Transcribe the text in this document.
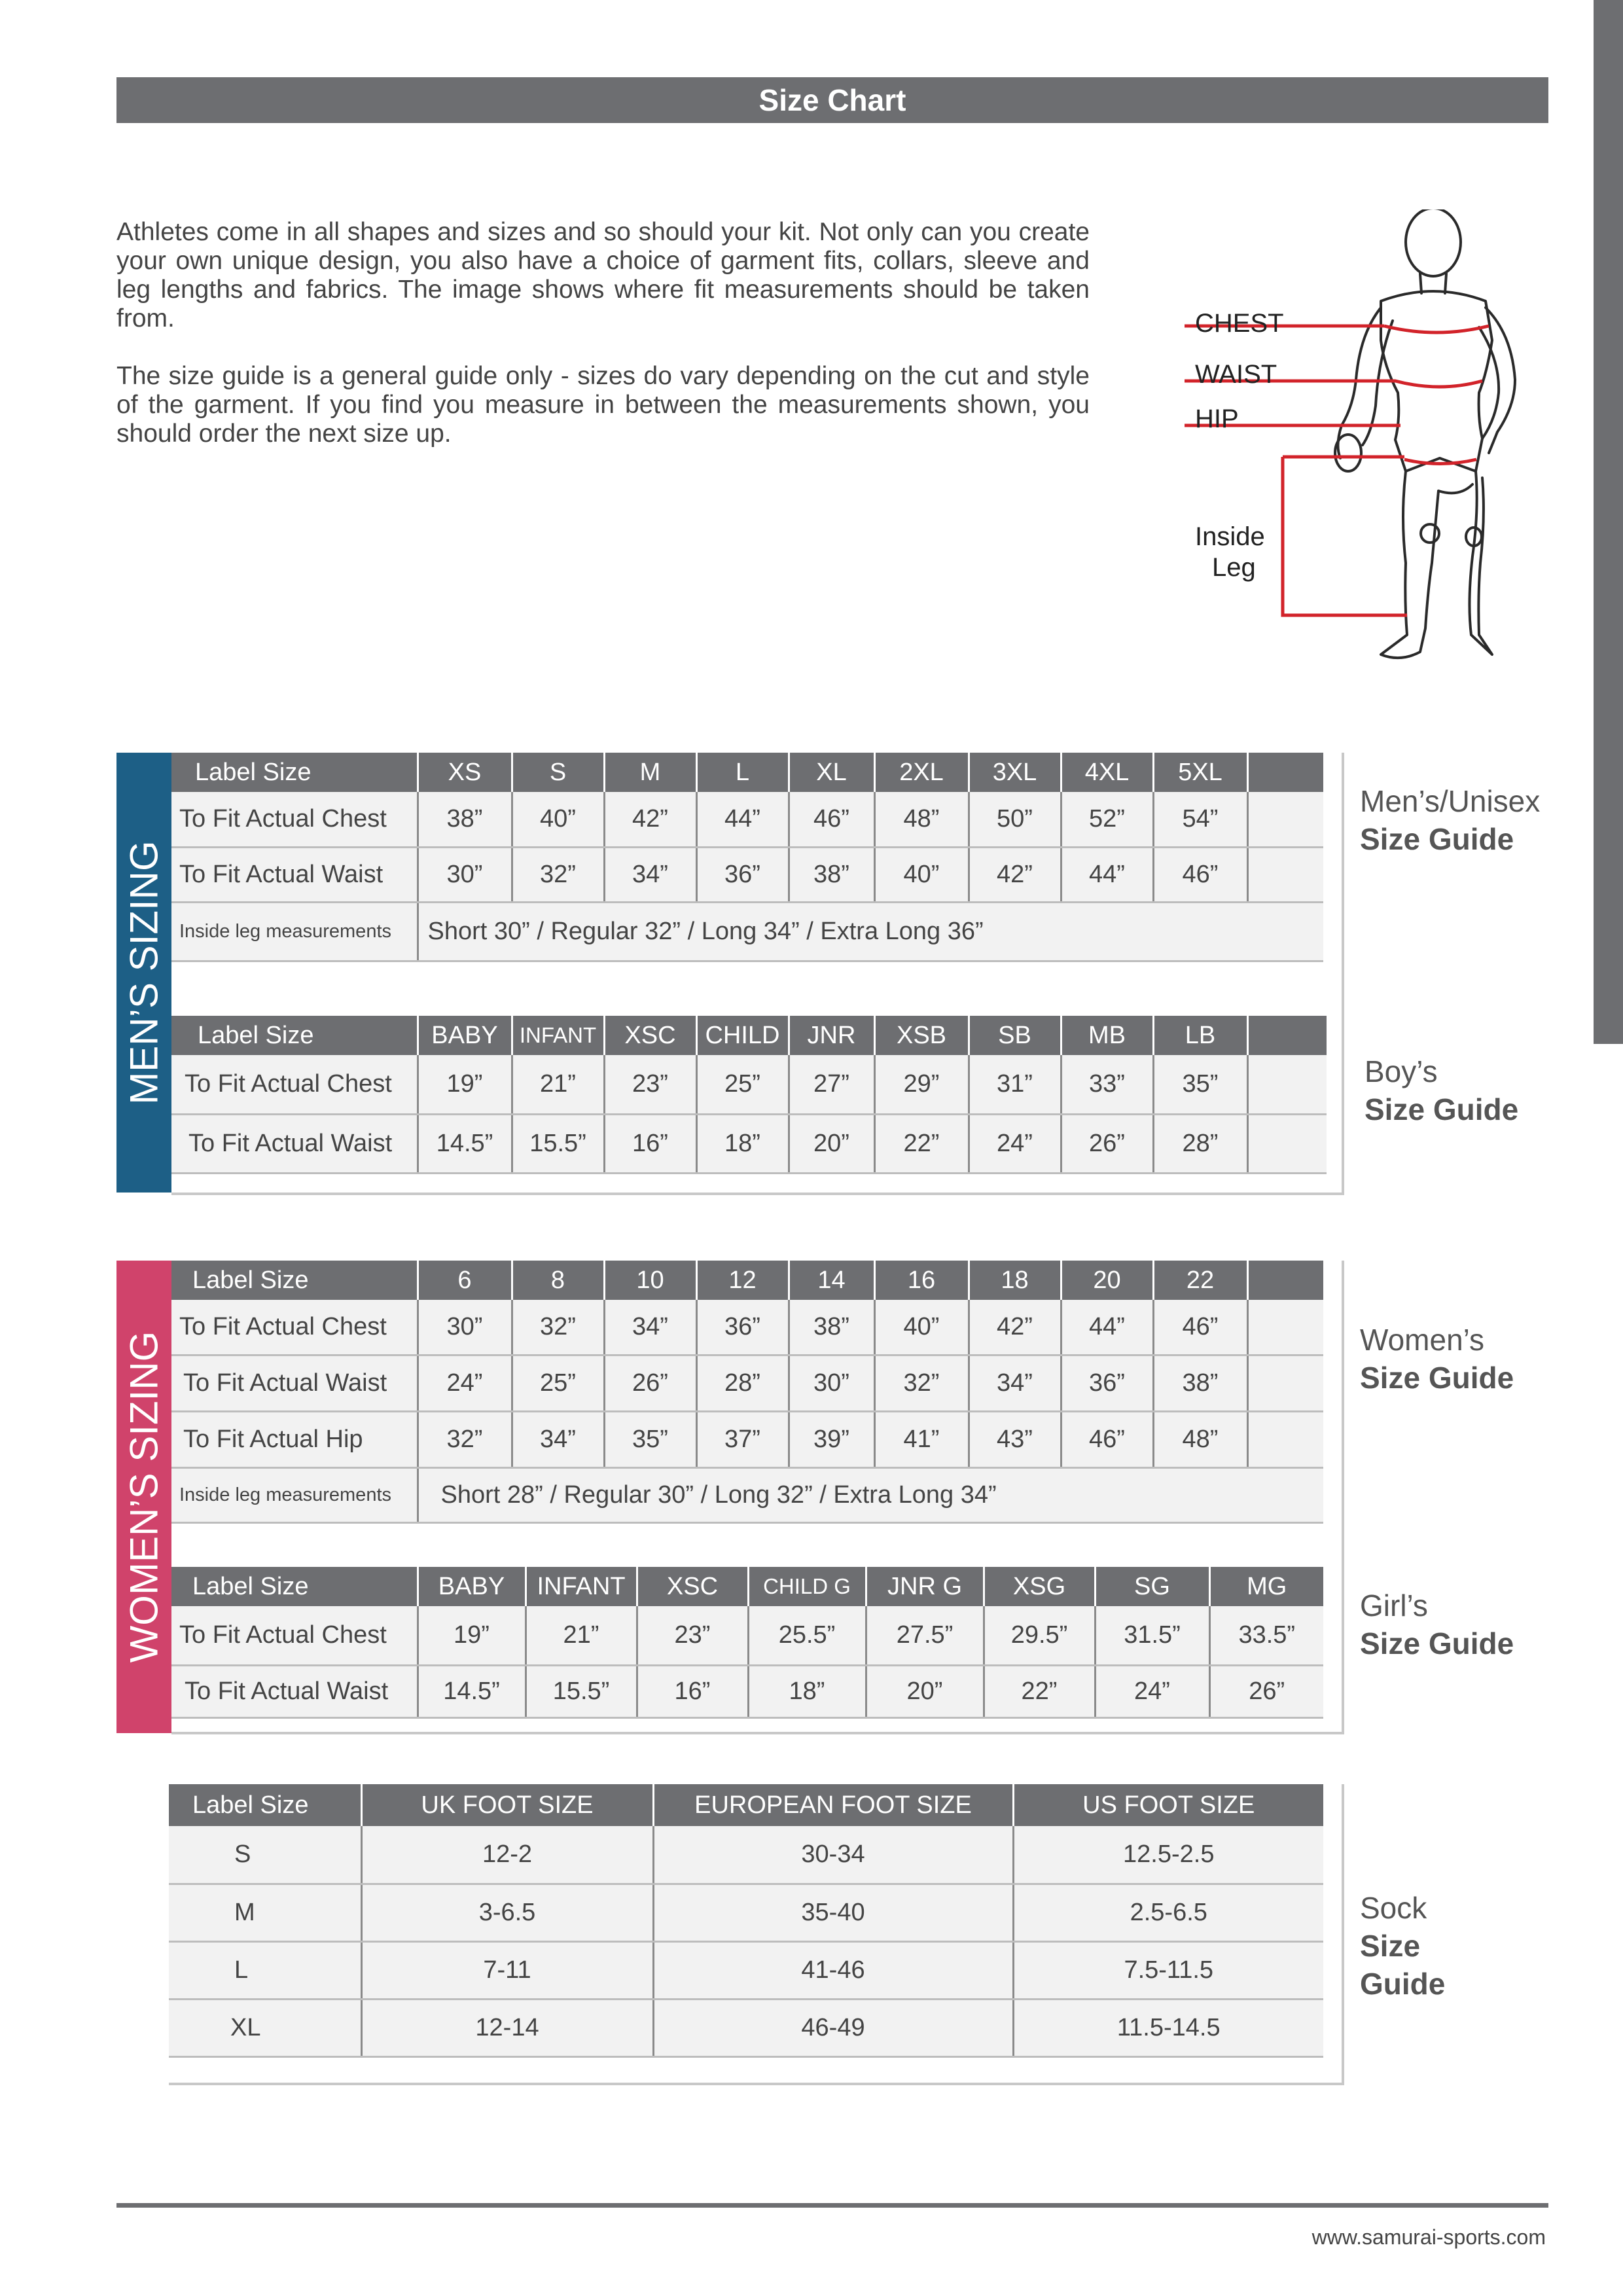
Size Chart

Athletes come in all shapes and sizes and so should your kit. Not only can you create your own unique design, you also have a choice of garment fits, collars, sleeve and leg lengths and fabrics. The image shows where fit measurements should be taken from.

The size guide is a general guide only - sizes do vary depending on the cut and style of the garment. If you find you measure in between the measurements shown, you should order the next size up.

CHEST
WAIST
HIP
Inside
Leg
MEN’S SIZING
Label Size	XS	S	M	L	XL	2XL	3XL	4XL	5XL	
To Fit Actual Chest	38”	40”	42”	44”	46”	48”	50”	52”	54”	
To Fit Actual Waist	30”	32”	34”	36”	38”	40”	42”	44”	46”	
Inside leg measurements	Short 30” / Regular 32” / Long 34” / Extra Long 36”									
Men’s/Unisex
Size Guide
Label Size	BABY	INFANT	XSC	CHILD	JNR	XSB	SB	MB	LB	
To Fit Actual Chest	19”	21”	23”	25”	27”	29”	31”	33”	35”	
To Fit Actual Waist	14.5”	15.5”	16”	18”	20”	22”	24”	26”	28”	
Boy’s
Size Guide
WOMEN’S SIZING
Label Size	6	8	10	12	14	16	18	20	22	
To Fit Actual Chest	30”	32”	34”	36”	38”	40”	42”	44”	46”	
To Fit Actual Waist	24”	25”	26”	28”	30”	32”	34”	36”	38”	
To Fit Actual Hip	32”	34”	35”	37”	39”	41”	43”	46”	48”	
Inside leg measurements	Short 28” / Regular 30” / Long 32” / Extra Long 34”									
Women’s
Size Guide
Label Size	BABY	INFANT	XSC	CHILD G	JNR G	XSG	SG	MG
To Fit Actual Chest	19”	21”	23”	25.5”	27.5”	29.5”	31.5”	33.5”
To Fit Actual Waist	14.5”	15.5”	16”	18”	20”	22”	24”	26”
Girl’s
Size Guide
Label Size	UK FOOT SIZE	EUROPEAN FOOT SIZE	US FOOT SIZE
S	12-2	30-34	12.5-2.5
M	3-6.5	35-40	2.5-6.5
L	7-11	41-46	7.5-11.5
XL	12-14	46-49	11.5-14.5
Sock
Size
Guide
www.samurai-sports.com
